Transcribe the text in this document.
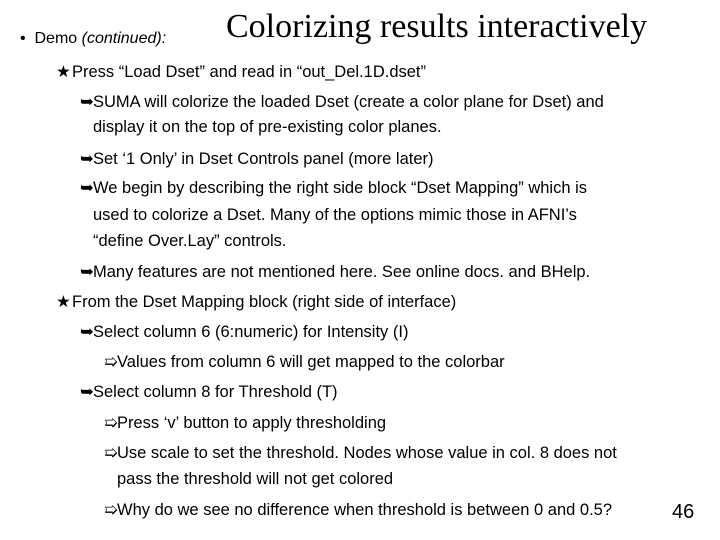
• Demo (continued): Colorizing results interactively
★Press “Load Dset” and read in “out_Del.1D.dset”
➥SUMA will colorize the loaded Dset (create a color plane for Dset) and
display it on the top of pre-existing color planes.
➥Set ‘1 Only’ in Dset Controls panel (more later)
➥We begin by describing the right side block “Dset Mapping” which is
used to colorize a Dset. Many of the options mimic those in AFNI’s
“define Over.Lay” controls.
➥Many features are not mentioned here. See online docs. and BHelp.
★From the Dset Mapping block (right side of interface)
➥Select column 6 (6:numeric) for Intensity (I)
➯Values from column 6 will get mapped to the colorbar
➥Select column 8 for Threshold (T)
➯Press ‘v’ button to apply thresholding
➯Use scale to set the threshold. Nodes whose value in col. 8 does not
pass the threshold will not get colored
➯Why do we see no difference when threshold is between 0 and 0.5?	46
